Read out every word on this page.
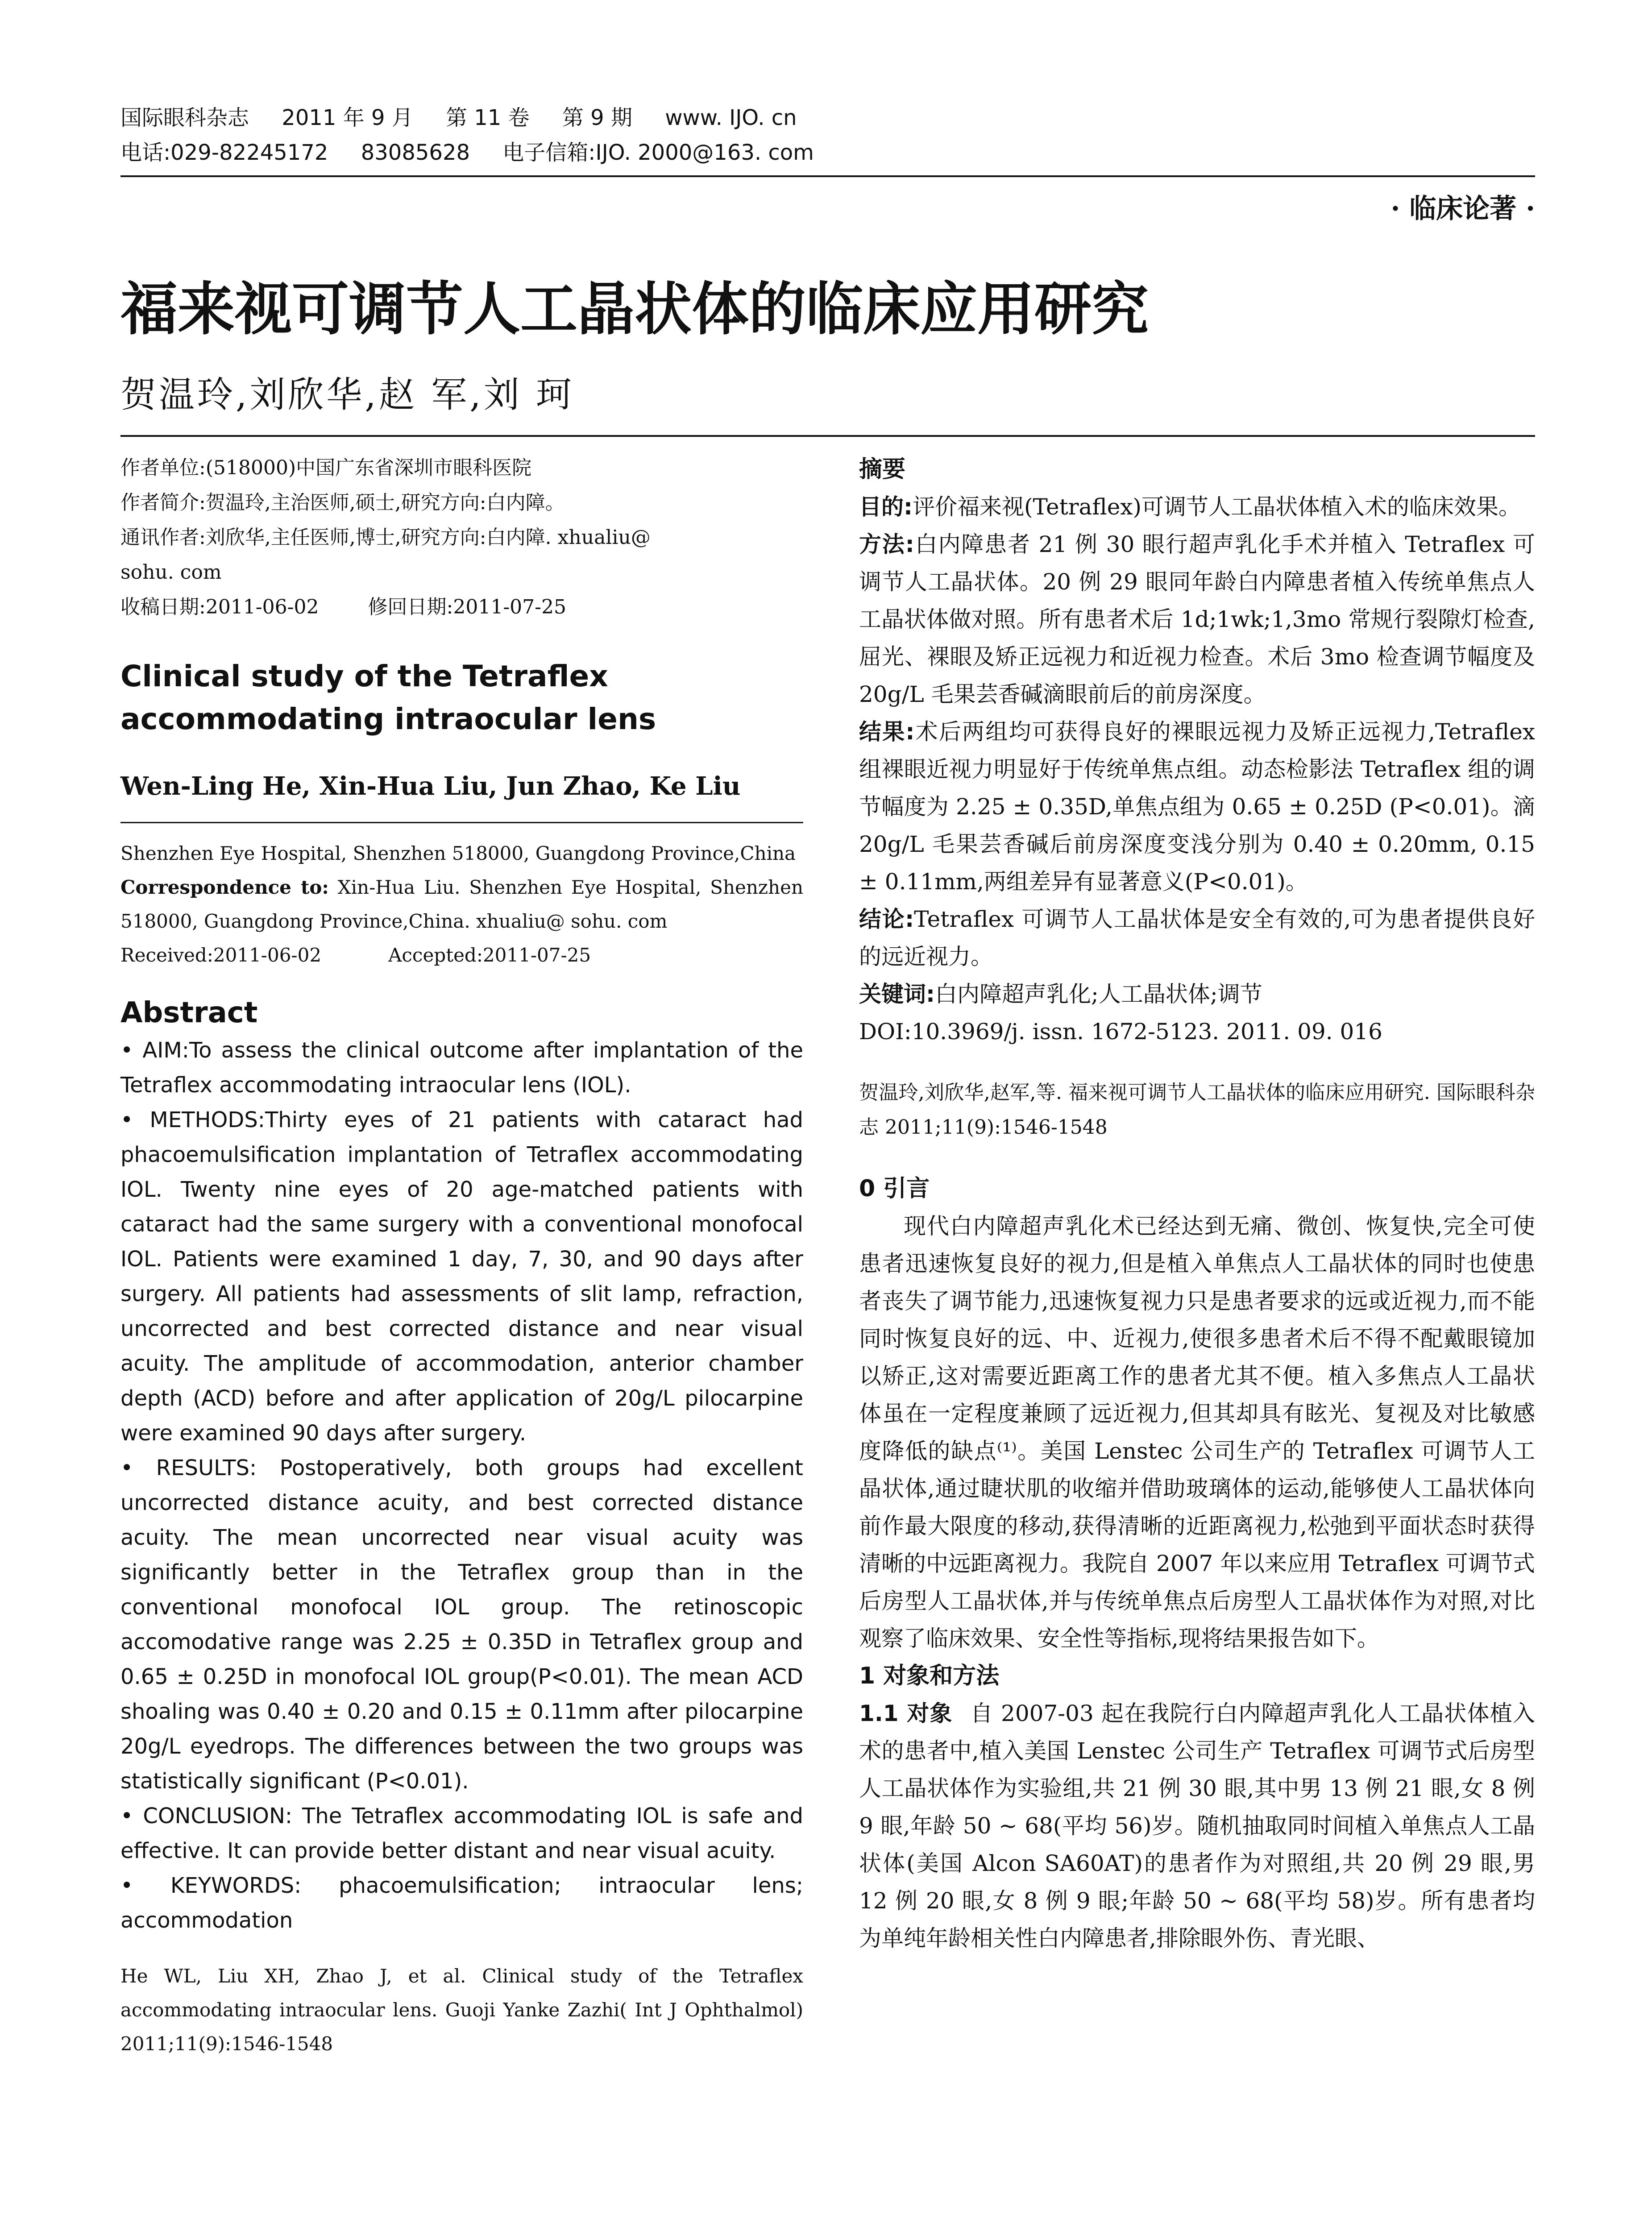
国际眼科杂志 2011 年 9 月 第 11 卷 第 9 期 www. IJO. cn
电话:029-82245172 83085628 电子信箱:IJO. 2000@163. com
· 临床论著 ·
福来视可调节人工晶状体的临床应用研究
贺温玲,刘欣华,赵 军,刘 珂
作者单位:(518000)中国广东省深圳市眼科医院
作者简介:贺温玲,主治医师,硕士,研究方向:白内障。
通讯作者:刘欣华,主任医师,博士,研究方向:白内障. xhualiu@
sohu. com
收稿日期:2011-06-02	修回日期:2011-07-25
Clinical study of the Tetraflex accommodating intraocular lens
Wen-Ling He, Xin-Hua Liu, Jun Zhao, Ke Liu
Shenzhen Eye Hospital, Shenzhen 518000, Guangdong Province,China
Correspondence to: Xin-Hua Liu. Shenzhen Eye Hospital, Shenzhen 518000, Guangdong Province,China. xhualiu@ sohu. com
Received:2011-06-02	Accepted:2011-07-25
Abstract

• AIM:To assess the clinical outcome after implantation of the Tetraflex accommodating intraocular lens (IOL).

• METHODS:Thirty eyes of 21 patients with cataract had phacoemulsification implantation of Tetraflex accommodating IOL. Twenty nine eyes of 20 age-matched patients with cataract had the same surgery with a conventional monofocal IOL. Patients were examined 1 day, 7, 30, and 90 days after surgery. All patients had assessments of slit lamp, refraction, uncorrected and best corrected distance and near visual acuity. The amplitude of accommodation, anterior chamber depth (ACD) before and after application of 20g/L pilocarpine were examined 90 days after surgery.

• RESULTS: Postoperatively, both groups had excellent uncorrected distance acuity, and best corrected distance acuity. The mean uncorrected near visual acuity was significantly better in the Tetraflex group than in the conventional monofocal IOL group. The retinoscopic accomodative range was 2.25 ± 0.35D in Tetraflex group and 0.65 ± 0.25D in monofocal IOL group(P<0.01). The mean ACD shoaling was 0.40 ± 0.20 and 0.15 ± 0.11mm after pilocarpine 20g/L eyedrops. The differences between the two groups was statistically significant (P<0.01).

• CONCLUSION: The Tetraflex accommodating IOL is safe and effective. It can provide better distant and near visual acuity.

• KEYWORDS: phacoemulsification; intraocular lens; accommodation

He WL, Liu XH, Zhao J, et al. Clinical study of the Tetraflex accommodating intraocular lens. Guoji Yanke Zazhi( Int J Ophthalmol) 2011;11(9):1546-1548
摘要

目的:评价福来视(Tetraflex)可调节人工晶状体植入术的临床效果。

方法:白内障患者 21 例 30 眼行超声乳化手术并植入 Tetraflex 可调节人工晶状体。20 例 29 眼同年龄白内障患者植入传统单焦点人工晶状体做对照。所有患者术后 1d;1wk;1,3mo 常规行裂隙灯检查,屈光、裸眼及矫正远视力和近视力检查。术后 3mo 检查调节幅度及 20g/L 毛果芸香碱滴眼前后的前房深度。

结果:术后两组均可获得良好的裸眼远视力及矫正远视力,Tetraflex 组裸眼近视力明显好于传统单焦点组。动态检影法 Tetraflex 组的调节幅度为 2.25 ± 0.35D,单焦点组为 0.65 ± 0.25D (P<0.01)。滴 20g/L 毛果芸香碱后前房深度变浅分别为 0.40 ± 0.20mm, 0.15 ± 0.11mm,两组差异有显著意义(P<0.01)。

结论:Tetraflex 可调节人工晶状体是安全有效的,可为患者提供良好的远近视力。

关键词:白内障超声乳化;人工晶状体;调节

DOI:10.3969/j. issn. 1672-5123. 2011. 09. 016

贺温玲,刘欣华,赵军,等. 福来视可调节人工晶状体的临床应用研究. 国际眼科杂志 2011;11(9):1546-1548
0 引言

现代白内障超声乳化术已经达到无痛、微创、恢复快,完全可使患者迅速恢复良好的视力,但是植入单焦点人工晶状体的同时也使患者丧失了调节能力,迅速恢复视力只是患者要求的远或近视力,而不能同时恢复良好的远、中、近视力,使很多患者术后不得不配戴眼镜加以矫正,这对需要近距离工作的患者尤其不便。植入多焦点人工晶状体虽在一定程度兼顾了远近视力,但其却具有眩光、复视及对比敏感度降低的缺点⁽¹⁾。美国 Lenstec 公司生产的 Tetraflex 可调节人工晶状体,通过睫状肌的收缩并借助玻璃体的运动,能够使人工晶状体向前作最大限度的移动,获得清晰的近距离视力,松弛到平面状态时获得清晰的中远距离视力。我院自 2007 年以来应用 Tetraflex 可调节式后房型人工晶状体,并与传统单焦点后房型人工晶状体作为对照,对比观察了临床效果、安全性等指标,现将结果报告如下。

1 对象和方法

1.1 对象 自 2007-03 起在我院行白内障超声乳化人工晶状体植入术的患者中,植入美国 Lenstec 公司生产 Tetraflex 可调节式后房型人工晶状体作为实验组,共 21 例 30 眼,其中男 13 例 21 眼,女 8 例 9 眼,年龄 50 ~ 68(平均 56)岁。随机抽取同时间植入单焦点人工晶状体(美国 Alcon SA60AT)的患者作为对照组,共 20 例 29 眼,男 12 例 20 眼,女 8 例 9 眼;年龄 50 ~ 68(平均 58)岁。所有患者均为单纯年龄相关性白内障患者,排除眼外伤、青光眼、
